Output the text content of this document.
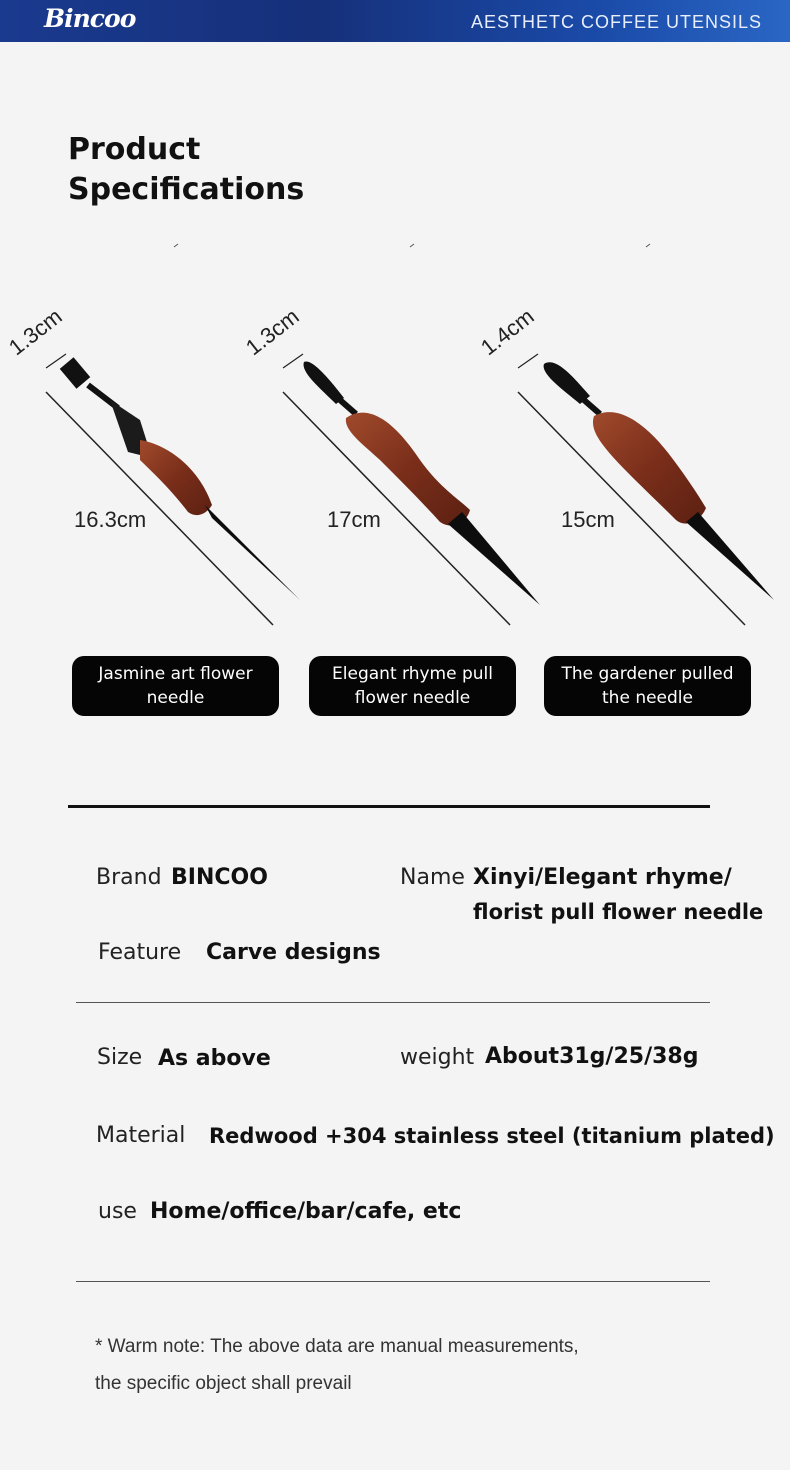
Bincoo	AESTHETC COFFEE UTENSILS
Product
Specifications
1.3cm	1.3cm	1.4cm
16.3cm	17cm	15cm
Jasmine art flower needle
Elegant rhyme pull flower needle
The gardener pulled the needle
Brand BINCOO	Name Xinyi/Elegant rhyme/
florist pull flower needle
Feature Carve designs
Size As above	weight About31g/25/38g
Material Redwood +304 stainless steel (titanium plated)
use Home/office/bar/cafe, etc
* Warm note: The above data are manual measurements,
the specific object shall prevail
